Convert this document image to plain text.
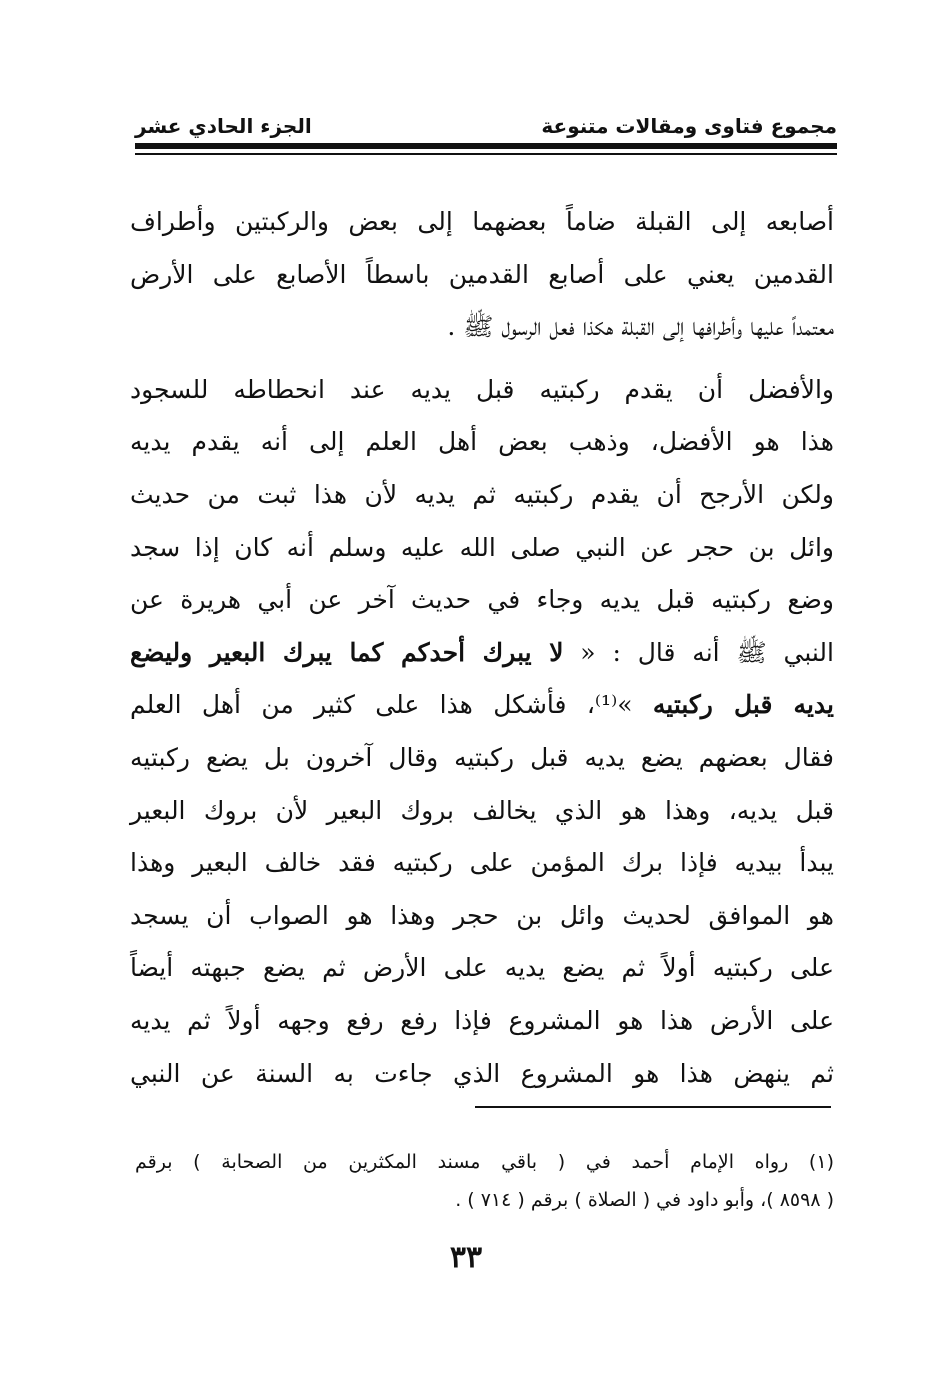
مجموع فتاوى ومقالات متنوعة
الجزء الحادي عشر
أصابعه إلى القبلة ضاماً بعضهما إلى بعض والركبتين وأطراف
القدمين يعني على أصابع القدمين باسطاً الأصابع على الأرض
معتمداً عليها وأطرافها إلى القبلة هكذا فعل الرسول ﷺ .
والأفضل أن يقدم ركبتيه قبل يديه عند انحطاطه للسجود
هذا هو الأفضل، وذهب بعض أهل العلم إلى أنه يقدم يديه
ولكن الأرجح أن يقدم ركبتيه ثم يديه لأن هذا ثبت من حديث
وائل بن حجر عن النبي صلى الله عليه وسلم أنه كان إذا سجد
وضع ركبتيه قبل يديه وجاء في حديث آخر عن أبي هريرة عن
النبي ﷺ أنه قال : « لا يبرك أحدكم كما يبرك البعير وليضع
يديه قبل ركبتيه »⁽¹⁾، فأشكل هذا على كثير من أهل العلم
فقال بعضهم يضع يديه قبل ركبتيه وقال آخرون بل يضع ركبتيه
قبل يديه، وهذا هو الذي يخالف بروك البعير لأن بروك البعير
يبدأ بيديه فإذا برك المؤمن على ركبتيه فقد خالف البعير وهذا
هو الموافق لحديث وائل بن حجر وهذا هو الصواب أن يسجد
على ركبتيه أولاً ثم يضع يديه على الأرض ثم يضع جبهته أيضاً
على الأرض هذا هو المشروع فإذا رفع رفع وجهه أولاً ثم يديه
ثم ينهض هذا هو المشروع الذي جاءت به السنة عن النبي
(١) رواه الإمام أحمد في ( باقي مسند المكثرين من الصحابة ) برقم
( ٨٥٩٨ )، وأبو داود في ( الصلاة ) برقم ( ٧١٤ ) .
٣٣
